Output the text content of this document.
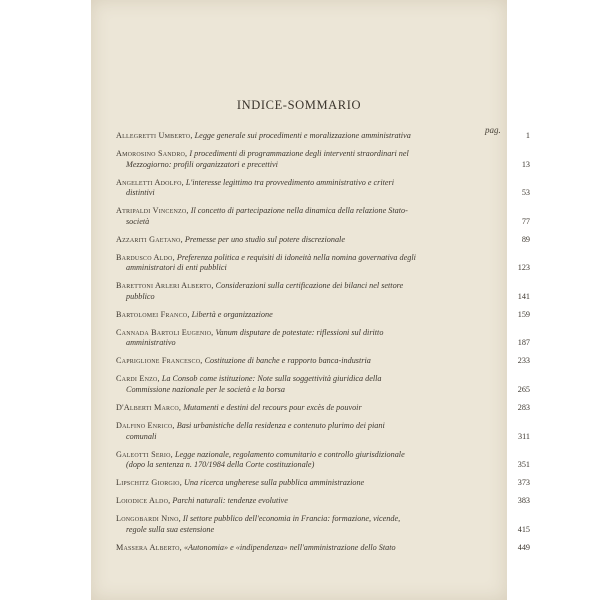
INDICE-SOMMARIO
pag.
Allegretti Umberto, Legge generale sui procedimenti e moralizzazione amministrativa	1
Amorosino Sandro, I procedimenti di programmazione degli interventi straordinari nel Mezzogiorno: profili organizzatori e precettivi	13
Angeletti Adolfo, L'interesse legittimo tra provvedimento amministrativo e criteri distintivi	53
Atripaldi Vincenzo, Il concetto di partecipazione nella dinamica della relazione Stato-società	77
Azzariti Gaetano, Premesse per uno studio sul potere discrezionale	89
Bardusco Aldo, Preferenza politica e requisiti di idoneità nella nomina governativa degli amministratori di enti pubblici	123
Barettoni Arleri Alberto, Considerazioni sulla certificazione dei bilanci nel settore pubblico	141
Bartolomei Franco, Libertà e organizzazione	159
Cannada Bartoli Eugenio, Vanum disputare de potestate: riflessioni sul diritto amministrativo	187
Capriglione Francesco, Costituzione di banche e rapporto banca-industria	233
Cardi Enzo, La Consob come istituzione: Note sulla soggettività giuridica della Commissione nazionale per le società e la borsa	265
D'Alberti Marco, Mutamenti e destini del recours pour excès de pouvoir	283
Dalfino Enrico, Basi urbanistiche della residenza e contenuto plurimo dei piani comunali	311
Galeotti Serio, Legge nazionale, regolamento comunitario e controllo giurisdizionale (dopo la sentenza n. 170/1984 della Corte costituzionale)	351
Lipschitz Giorgio, Una ricerca ungherese sulla pubblica amministrazione	373
Loiodice Aldo, Parchi naturali: tendenze evolutive	383
Longobardi Nino, Il settore pubblico dell'economia in Francia: formazione, vicende, regole sulla sua estensione	415
Massera Alberto, «Autonomia» e «indipendenza» nell'amministrazione dello Stato	449
